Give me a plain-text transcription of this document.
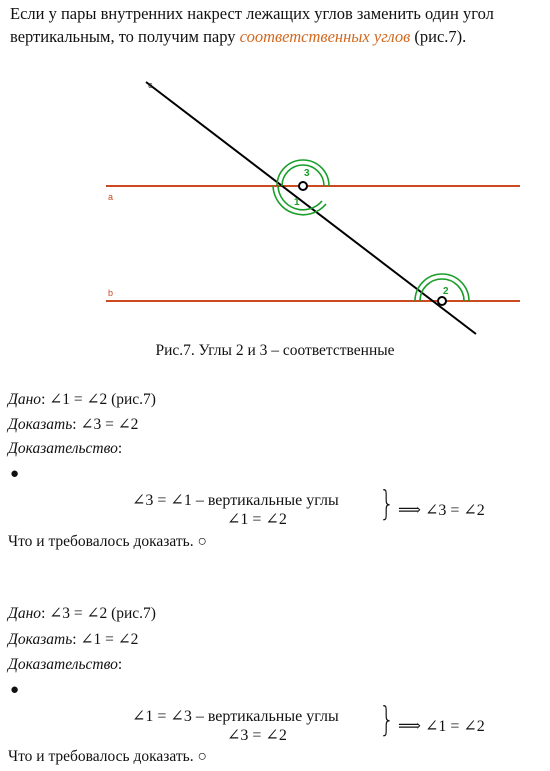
Если у пары внутренних накрест лежащих углов заменить один угол вертикальным, то получим пару соответственных углов (рис.7).
a
b
c
3
1
2
Рис.7. Углы 2 и 3 – соответственные
Дано: ∠1 = ∠2 (рис.7)
Доказать: ∠3 = ∠2
Доказательство:
●
∠3 = ∠1 – вертикальные углы
∠1 = ∠2	} ⟹ ∠3 = ∠2
Что и требовалось доказать. ○
Дано: ∠3 = ∠2 (рис.7)
Доказать: ∠1 = ∠2
Доказательство:
●
∠1 = ∠3 – вертикальные углы
∠3 = ∠2	} ⟹ ∠1 = ∠2
Что и требовалось доказать. ○
